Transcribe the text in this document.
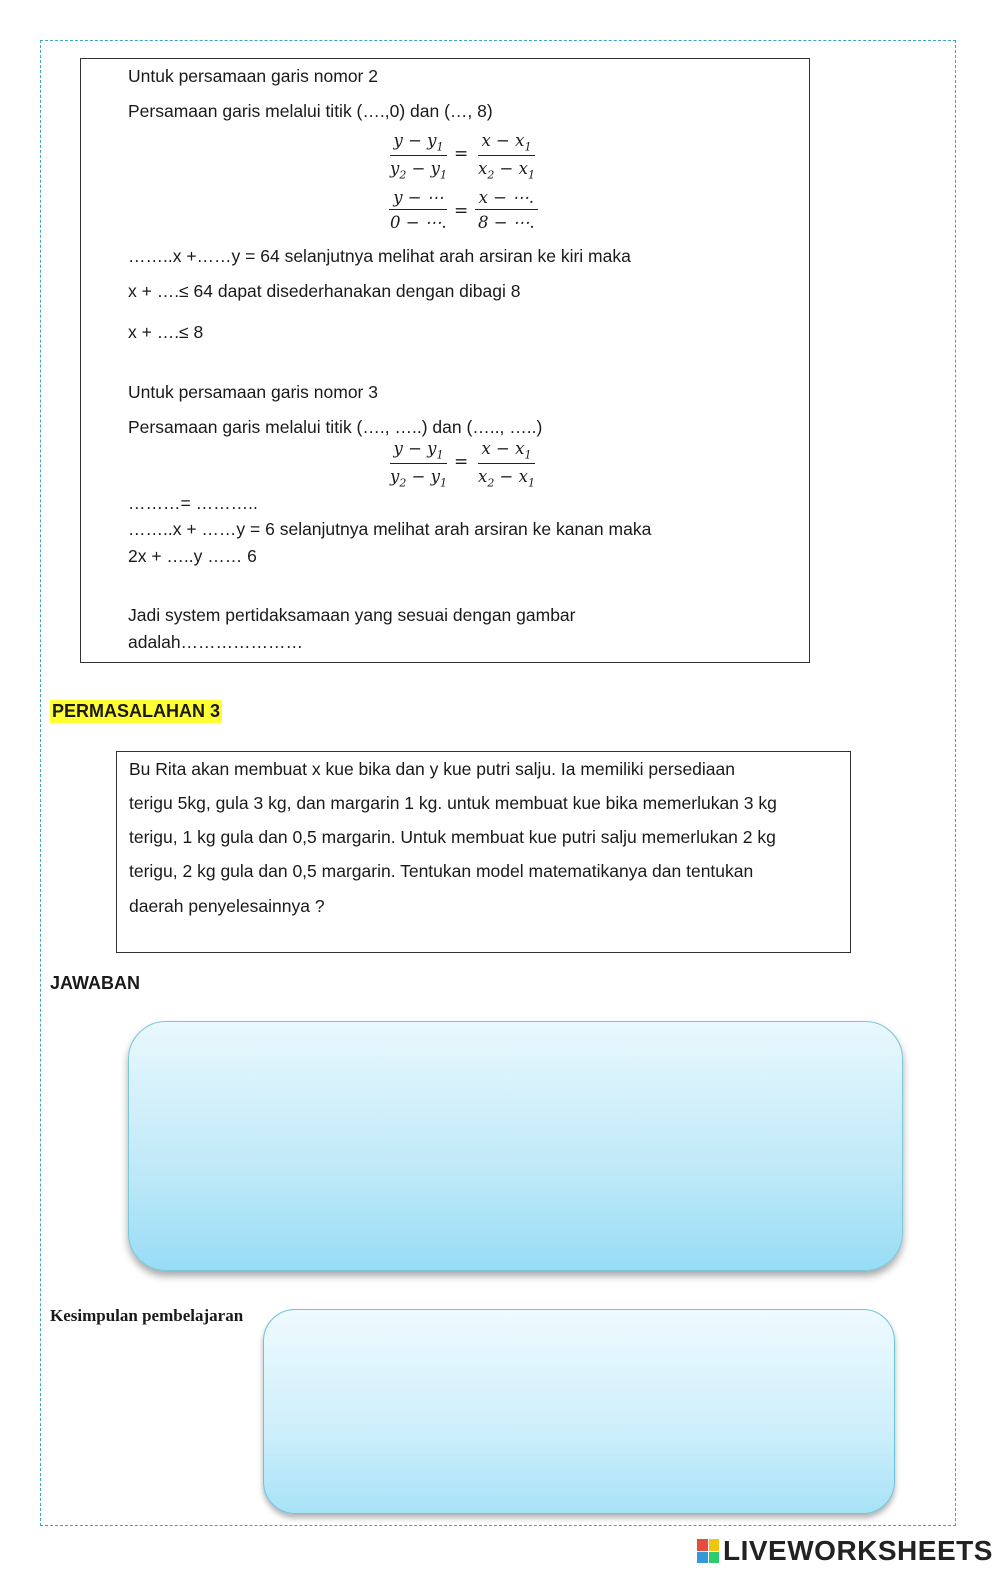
Untuk persamaan garis nomor 2
Persamaan garis melalui titik (….,0) dan (…, 8)
$\frac{y - y_1}{y_2 - y_1} = \frac{x - x_1}{x_2 - x_1}$
$\frac{y - \cdots}{0 - \cdots.} = \frac{x - \cdots.}{8 - \cdots.}$
……..x +……y = 64 selanjutnya melihat arah arsiran ke kiri maka
x + ….≤ 64 dapat disederhanakan dengan dibagi 8
x + ….≤ 8
Untuk persamaan garis nomor 3
Persamaan garis melalui titik (…., …..) dan (….., …..)
$\frac{y - y_1}{y_2 - y_1} = \frac{x - x_1}{x_2 - x_1}$
………= ………..
……..x + ……y = 6 selanjutnya melihat arah arsiran ke kanan maka
2x + …..y …… 6
Jadi system pertidaksamaan yang sesuai dengan gambar
adalah…………………
PERMASALAHAN 3
Bu Rita akan membuat x kue bika dan y kue putri salju. Ia memiliki persediaan
terigu 5kg, gula 3 kg, dan margarin 1 kg. untuk membuat kue bika memerlukan 3 kg
terigu, 1 kg gula dan 0,5 margarin. Untuk membuat kue putri salju memerlukan 2 kg
terigu, 2 kg gula dan 0,5 margarin. Tentukan model matematikanya dan tentukan
daerah penyelesainnya ?
JAWABAN
Kesimpulan pembelajaran
LIVEWORKSHEETS
